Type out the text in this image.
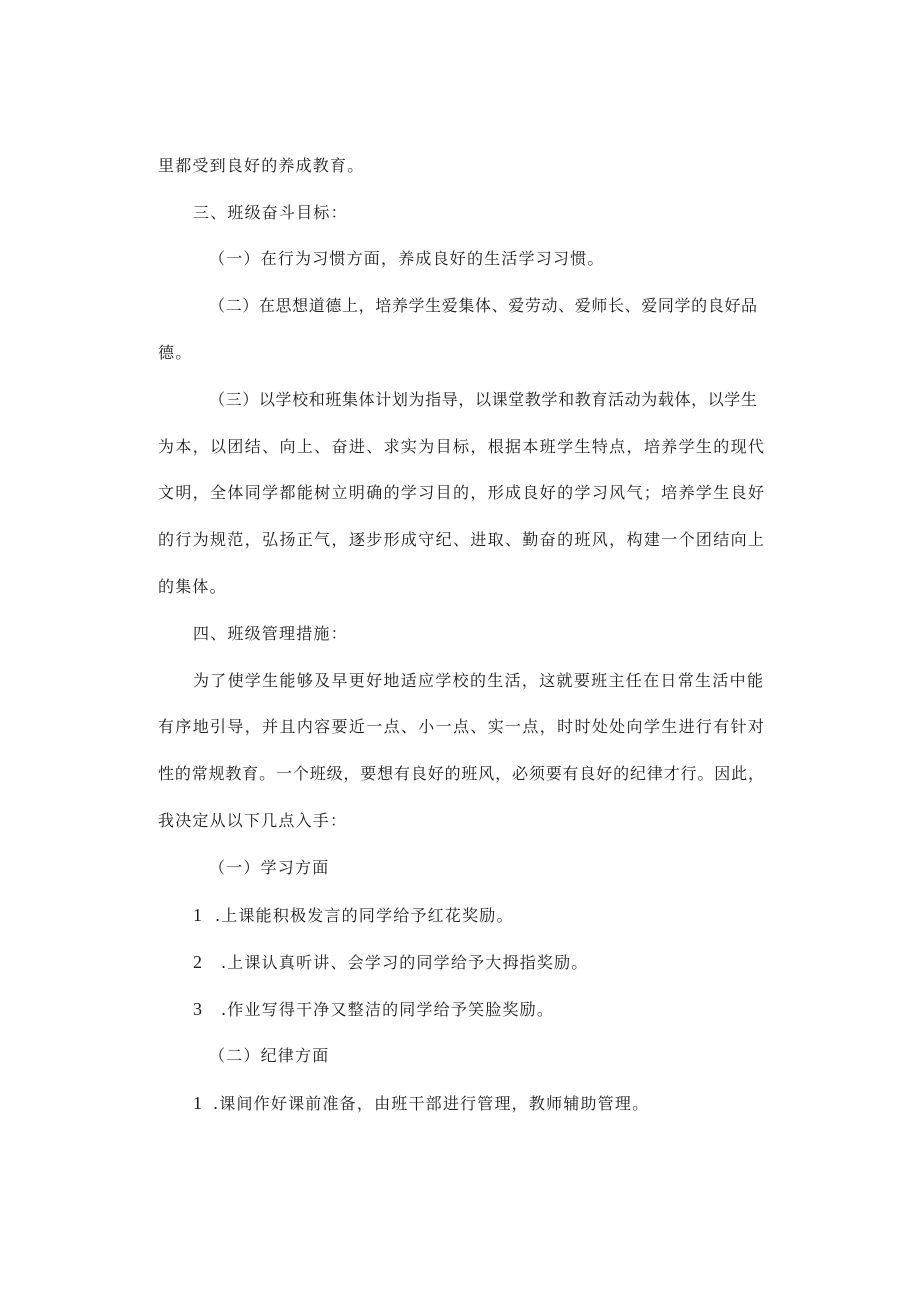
里都受到良好的养成教育。
三、班级奋斗目标：
（一）在行为习惯方面，养成良好的生活学习习惯。
（二）在思想道德上，培养学生爱集体、爱劳动、爱师长、爱同学的良好品
德。
（三）以学校和班集体计划为指导，以课堂教学和教育活动为载体，以学生
为本，以团结、向上、奋进、求实为目标，根据本班学生特点，培养学生的现代
文明，全体同学都能树立明确的学习目的，形成良好的学习风气；培养学生良好
的行为规范，弘扬正气，逐步形成守纪、进取、勤奋的班风，构建一个团结向上
的集体。
四、班级管理措施：
为了使学生能够及早更好地适应学校的生活，这就要班主任在日常生活中能
有序地引导，并且内容要近一点、小一点、实一点，时时处处向学生进行有针对
性的常规教育。一个班级，要想有良好的班风，必须要有良好的纪律才行。因此，
我决定从以下几点入手：
（一）学习方面
1 .上课能积极发言的同学给予红花奖励。
2 .上课认真听讲、会学习的同学给予大拇指奖励。
3 .作业写得干净又整洁的同学给予笑脸奖励。
（二）纪律方面
1 .课间作好课前准备，由班干部进行管理，教师辅助管理。
